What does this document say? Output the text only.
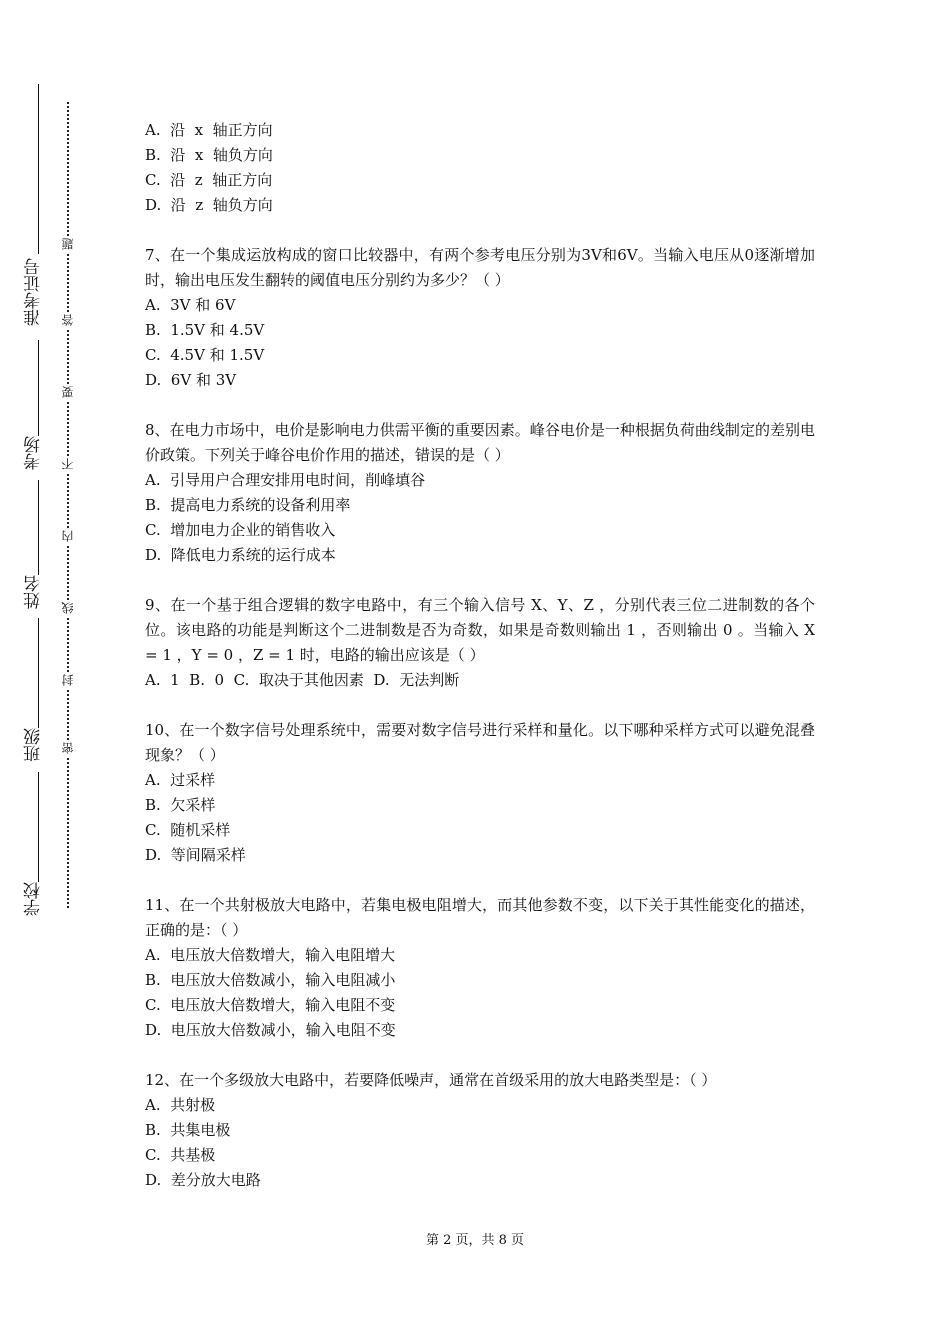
准考证号
考场
姓名
班级
学校
题
答
要
不
内
线
封
密
A.  沿  x  轴正方向
B.  沿  x  轴负方向
C.  沿  z  轴正方向
D.  沿  z  轴负方向
7、在一个集成运放构成的窗口比较器中，有两个参考电压分别为3V和6V。当输入电压从0逐渐增加时，输出电压发生翻转的阈值电压分别约为多少？（ ）
A.  3V 和 6V
B.  1.5V 和 4.5V
C.  4.5V 和 1.5V
D.  6V 和 3V
8、在电力市场中，电价是影响电力供需平衡的重要因素。峰谷电价是一种根据负荷曲线制定的差别电价政策。下列关于峰谷电价作用的描述，错误的是（ ）
A.  引导用户合理安排用电时间，削峰填谷
B.  提高电力系统的设备利用率
C.  增加电力企业的销售收入
D.  降低电力系统的运行成本
9、在一个基于组合逻辑的数字电路中，有三个输入信号 X、Y、Z ，分别代表三位二进制数的各个位。该电路的功能是判断这个二进制数是否为奇数，如果是奇数则输出 1 ，否则输出 0 。当输入 X = 1 ，Y = 0 ，Z = 1 时，电路的输出应该是（ ）
A.  1  B.  0  C.  取决于其他因素  D.  无法判断
10、在一个数字信号处理系统中，需要对数字信号进行采样和量化。以下哪种采样方式可以避免混叠现象？（ ）
A.  过采样
B.  欠采样
C.  随机采样
D.  等间隔采样
11、在一个共射极放大电路中，若集电极电阻增大，而其他参数不变，以下关于其性能变化的描述，正确的是：（ ）
A.  电压放大倍数增大，输入电阻增大
B.  电压放大倍数减小，输入电阻减小
C.  电压放大倍数增大，输入电阻不变
D.  电压放大倍数减小，输入电阻不变
12、在一个多级放大电路中，若要降低噪声，通常在首级采用的放大电路类型是：（ ）
A.  共射极
B.  共集电极
C.  共基极
D.  差分放大电路
第 2 页，共 8 页
